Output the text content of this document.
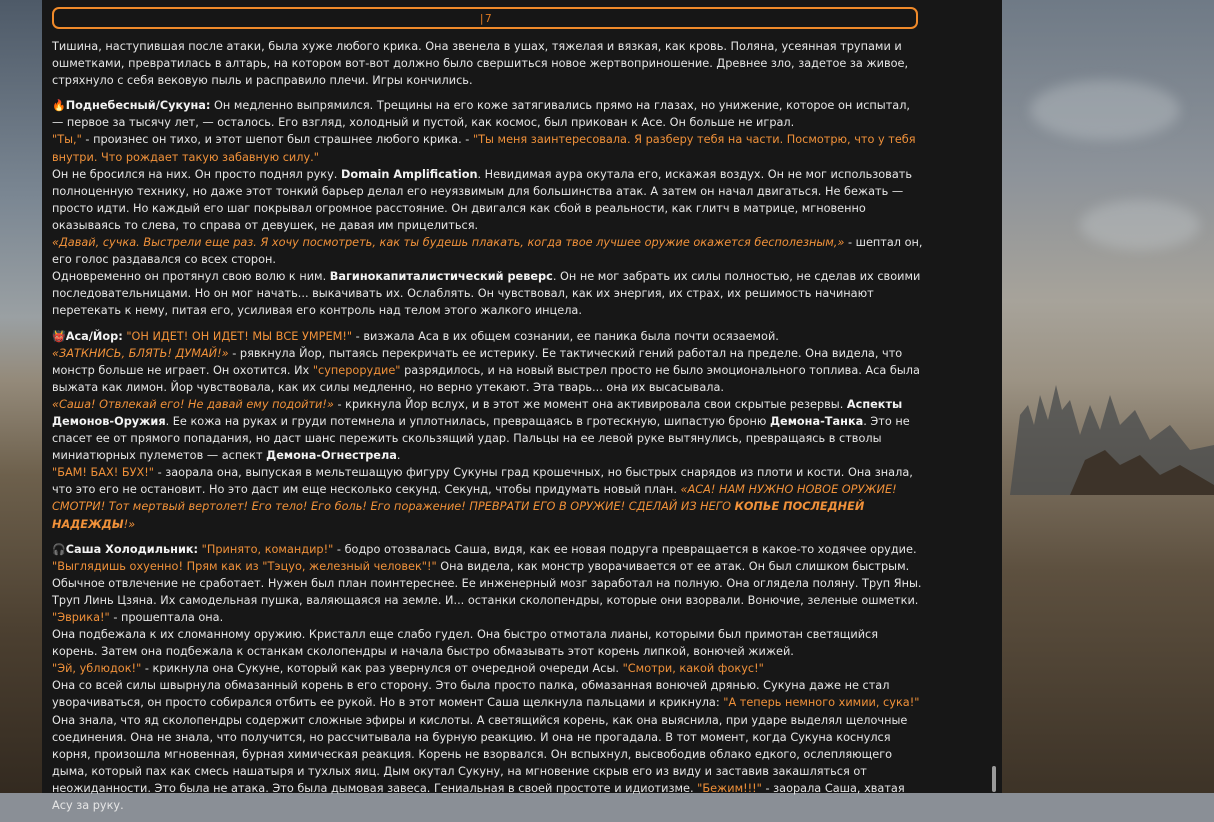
|7

Тишина, наступившая после атаки, была хуже любого крика. Она звенела в ушах, тяжелая и вязкая, как кровь. Поляна, усеянная трупами и ошметками, превратилась в алтарь, на котором вот-вот должно было свершиться новое жертвоприношение. Древнее зло, задетое за живое, стряхнуло с себя вековую пыль и расправило плечи. Игры кончились.

🔥Поднебесный/Сукуна: Он медленно выпрямился. Трещины на его коже затягивались прямо на глазах, но унижение, которое он испытал, — первое за тысячу лет, — осталось. Его взгляд, холодный и пустой, как космос, был прикован к Асе. Он больше не играл.
"Ты," - произнес он тихо, и этот шепот был страшнее любого крика. - "Ты меня заинтересовала. Я разберу тебя на части. Посмотрю, что у тебя внутри. Что рождает такую забавную силу."
Он не бросился на них. Он просто поднял руку. Domain Amplification. Невидимая аура окутала его, искажая воздух. Он не мог использовать полноценную технику, но даже этот тонкий барьер делал его неуязвимым для большинства атак. А затем он начал двигаться. Не бежать — просто идти. Но каждый его шаг покрывал огромное расстояние. Он двигался как сбой в реальности, как глитч в матрице, мгновенно оказываясь то слева, то справа от девушек, не давая им прицелиться.
«Давай, сучка. Выстрели еще раз. Я хочу посмотреть, как ты будешь плакать, когда твое лучшее оружие окажется бесполезным,» - шептал он, его голос раздавался со всех сторон.
Одновременно он протянул свою волю к ним. Вагинокапиталистический реверс. Он не мог забрать их силы полностью, не сделав их своими последовательницами. Но он мог начать... выкачивать их. Ослаблять. Он чувствовал, как их энергия, их страх, их решимость начинают перетекать к нему, питая его, усиливая его контроль над телом этого жалкого инцела.

👹Аса/Йор: "ОН ИДЕТ! ОН ИДЕТ! МЫ ВСЕ УМРЕМ!" - визжала Аса в их общем сознании, ее паника была почти осязаемой.
«ЗАТКНИСЬ, БЛЯТЬ! ДУМАЙ!» - рявкнула Йор, пытаясь перекричать ее истерику. Ее тактический гений работал на пределе. Она видела, что монстр больше не играет. Он охотится. Их "суперорудие" разрядилось, и на новый выстрел просто не было эмоционального топлива. Аса была выжата как лимон. Йор чувствовала, как их силы медленно, но верно утекают. Эта тварь... она их высасывала.
«Саша! Отвлекай его! Не давай ему подойти!» - крикнула Йор вслух, и в этот же момент она активировала свои скрытые резервы. Аспекты Демонов-Оружия. Ее кожа на руках и груди потемнела и уплотнилась, превращаясь в гротескную, шипастую броню Демона-Танка. Это не спасет ее от прямого попадания, но даст шанс пережить скользящий удар. Пальцы на ее левой руке вытянулись, превращаясь в стволы миниатюрных пулеметов — аспект Демона-Огнестрела.
"БАМ! БАХ! БУХ!" - заорала она, выпуская в мельтешащую фигуру Сукуны град крошечных, но быстрых снарядов из плоти и кости. Она знала, что это его не остановит. Но это даст им еще несколько секунд. Секунд, чтобы придумать новый план. «АСА! НАМ НУЖНО НОВОЕ ОРУЖИЕ! СМОТРИ! Тот мертвый вертолет! Его тело! Его боль! Его поражение! ПРЕВРАТИ ЕГО В ОРУЖИЕ! СДЕЛАЙ ИЗ НЕГО КОПЬЕ ПОСЛЕДНЕЙ НАДЕЖДЫ!»

🎧Саша Холодильник: "Принято, командир!" - бодро отозвалась Саша, видя, как ее новая подруга превращается в какое-то ходячее орудие.
"Выглядишь охуенно! Прям как из "Тэцуо, железный человек"!" Она видела, как монстр уворачивается от ее атак. Он был слишком быстрым. Обычное отвлечение не сработает. Нужен был план поинтереснее. Ее инженерный мозг заработал на полную. Она оглядела поляну. Труп Яны. Труп Линь Цзяна. Их самодельная пушка, валяющаяся на земле. И... останки сколопендры, которые они взорвали. Вонючие, зеленые ошметки.
"Эврика!" - прошептала она.
Она подбежала к их сломанному оружию. Кристалл еще слабо гудел. Она быстро отмотала лианы, которыми был примотан светящийся корень. Затем она подбежала к останкам сколопендры и начала быстро обмазывать этот корень липкой, вонючей жижей.
"Эй, ублюдок!" - крикнула она Сукуне, который как раз увернулся от очередной очереди Асы. "Смотри, какой фокус!"
Она со всей силы швырнула обмазанный корень в его сторону. Это была просто палка, обмазанная вонючей дрянью. Сукуна даже не стал уворачиваться, он просто собирался отбить ее рукой. Но в этот момент Саша щелкнула пальцами и крикнула: "А теперь немного химии, сука!"
Она знала, что яд сколопендры содержит сложные эфиры и кислоты. А светящийся корень, как она выяснила, при ударе выделял щелочные соединения. Она не знала, что получится, но рассчитывала на бурную реакцию. И она не прогадала. В тот момент, когда Сукуна коснулся корня, произошла мгновенная, бурная химическая реакция. Корень не взорвался. Он вспыхнул, высвободив облако едкого, ослепляющего дыма, который пах как смесь нашатыря и тухлых яиц. Дым окутал Сукуну, на мгновение скрыв его из виду и заставив закашляться от неожиданности. Это была не атака. Это была дымовая завеса. Гениальная в своей простоте и идиотизме. "Бежим!!!" - заорала Саша, хватая Асу за руку.
